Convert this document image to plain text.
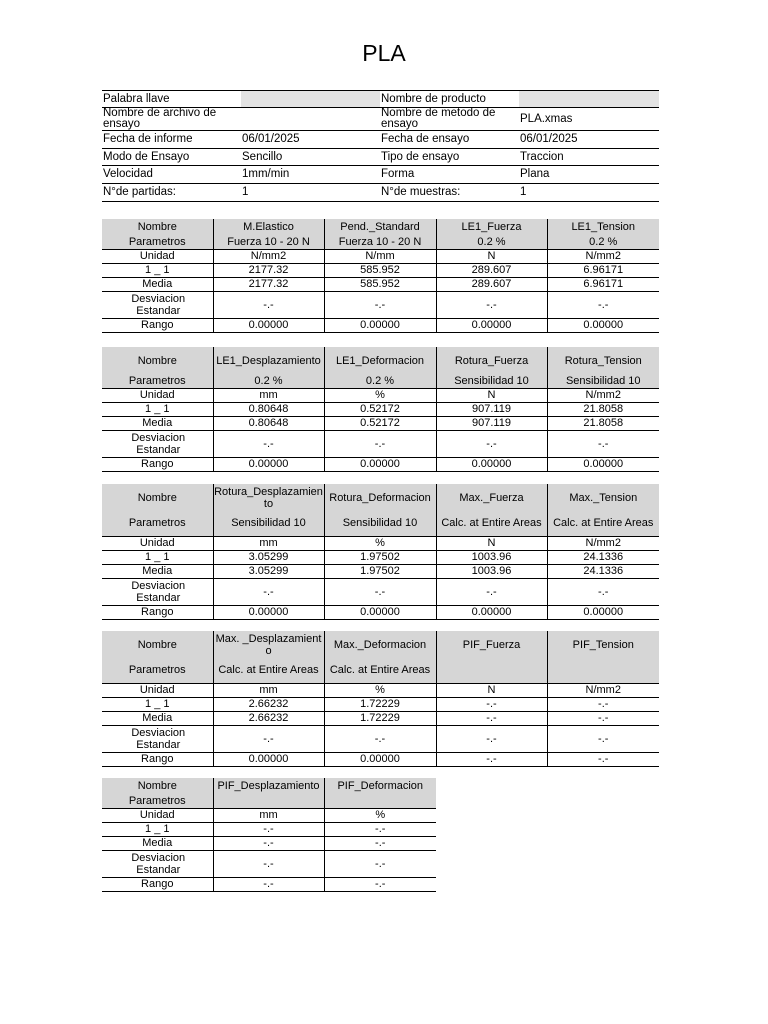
PLA
Palabra llave		Nombre de producto	
Nombre de archivo de ensayo		Nombre de metodo de ensayo	PLA.xmas
Fecha de informe	06/01/2025	Fecha de ensayo	06/01/2025
Modo de Ensayo	Sencillo	Tipo de ensayo	Traccion
Velocidad	1mm/min	Forma	Plana
N°de partidas:	1	N°de muestras:	1
Nombre	M.Elastico	Pend._Standard	LE1_Fuerza	LE1_Tension
Parametros	Fuerza 10 - 20 N	Fuerza 10 - 20 N	0.2 %	0.2 %
Unidad	N/mm2	N/mm	N	N/mm2
1 _ 1	2177.32	585.952	289.607	6.96171
Media	2177.32	585.952	289.607	6.96171
Desviacion Estandar	-.-	-.-	-.-	-.-
Rango	0.00000	0.00000	0.00000	0.00000
Nombre	LE1_Desplazamiento	LE1_Deformacion	Rotura_Fuerza	Rotura_Tension
Parametros	0.2 %	0.2 %	Sensibilidad 10	Sensibilidad 10
Unidad	mm	%	N	N/mm2
1 _ 1	0.80648	0.52172	907.119	21.8058
Media	0.80648	0.52172	907.119	21.8058
Desviacion Estandar	-.-	-.-	-.-	-.-
Rango	0.00000	0.00000	0.00000	0.00000
Nombre	Rotura_Desplazamiento	Rotura_Deformacion	Max._Fuerza	Max._Tension
Parametros	Sensibilidad 10	Sensibilidad 10	Calc. at Entire Areas	Calc. at Entire Areas
Unidad	mm	%	N	N/mm2
1 _ 1	3.05299	1.97502	1003.96	24.1336
Media	3.05299	1.97502	1003.96	24.1336
Desviacion Estandar	-.-	-.-	-.-	-.-
Rango	0.00000	0.00000	0.00000	0.00000
Nombre	Max. _Desplazamiento	Max._Deformacion	PIF_Fuerza	PIF_Tension
Parametros	Calc. at Entire Areas	Calc. at Entire Areas		
Unidad	mm	%	N	N/mm2
1 _ 1	2.66232	1.72229	-.-	-.-
Media	2.66232	1.72229	-.-	-.-
Desviacion Estandar	-.-	-.-	-.-	-.-
Rango	0.00000	0.00000	-.-	-.-
Nombre	PIF_Desplazamiento	PIF_Deformacion
Parametros		
Unidad	mm	%
1 _ 1	-.-	-.-
Media	-.-	-.-
Desviacion Estandar	-.-	-.-
Rango	-.-	-.-
